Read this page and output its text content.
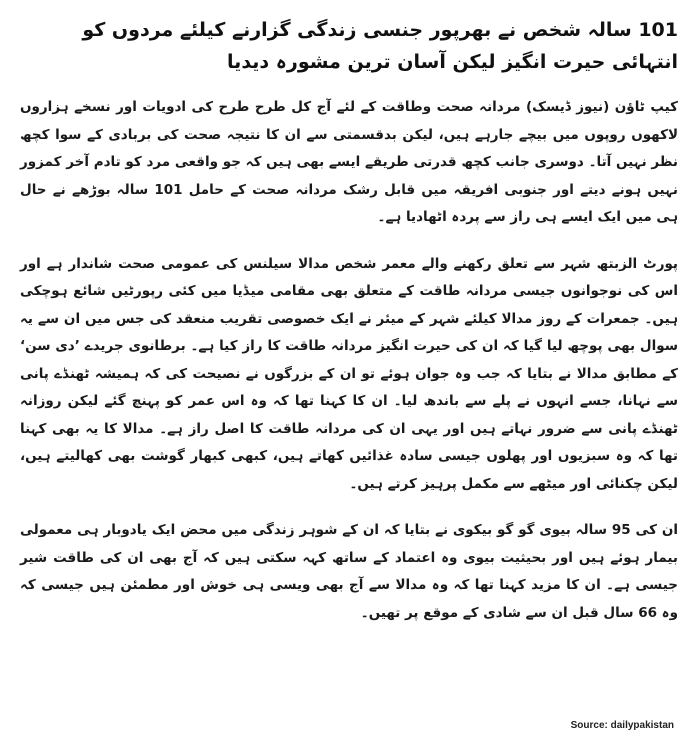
101 سالہ شخص نے بھرپور جنسی زندگی گزارنے کیلئے مردوں کو انتہائی حیرت انگیز لیکن آسان ترین مشورہ دیدیا

کیپ ٹاؤن (نیوز ڈیسک) مردانہ صحت وطاقت کے لئے آج کل طرح طرح کی ادویات اور نسخے ہزاروں لاکھوں روپوں میں بیچے جارہے ہیں، لیکن بدقسمتی سے ان کا نتیجہ صحت کی بربادی کے سوا کچھ نظر نہیں آتا۔ دوسری جانب کچھ قدرتی طریقے ایسے بھی ہیں کہ جو واقعی مرد کو تادم آخر کمزور نہیں ہونے دیتے اور جنوبی افریقہ میں قابل رشک مردانہ صحت کے حامل 101 سالہ بوڑھے نے حال ہی میں ایک ایسے ہی راز سے پردہ اٹھادیا ہے۔

پورٹ الزبتھ شہر سے تعلق رکھنے والے معمر شخص مدالا سیلنس کی عمومی صحت شاندار ہے اور اس کی نوجوانوں جیسی مردانہ طاقت کے متعلق بھی مقامی میڈیا میں کئی رپورٹیں شائع ہوچکی ہیں۔ جمعرات کے روز مدالا کیلئے شہر کے میئر نے ایک خصوصی تقریب منعقد کی جس میں ان سے یہ سوال بھی پوچھ لیا گیا کہ ان کی حیرت انگیز مردانہ طاقت کا راز کیا ہے۔ برطانوی جریدے ’دی سن‘ کے مطابق مدالا نے بتایا کہ جب وہ جوان ہوئے تو ان کے بزرگوں نے نصیحت کی کہ ہمیشہ ٹھنڈے پانی سے نہانا، جسے انہوں نے پلے سے باندھ لیا۔ ان کا کہنا تھا کہ وہ اس عمر کو پہنچ گئے لیکن روزانہ ٹھنڈے پانی سے ضرور نہاتے ہیں اور یہی ان کی مردانہ طاقت کا اصل راز ہے۔ مدالا کا یہ بھی کہنا تھا کہ وہ سبزیوں اور پھلوں جیسی سادہ غذائیں کھاتے ہیں، کبھی کبھار گوشت بھی کھالیتے ہیں، لیکن چکنائی اور میٹھے سے مکمل پرہیز کرتے ہیں۔

ان کی 95 سالہ بیوی گو گو بیکوی نے بتایا کہ ان کے شوہر زندگی میں محض ایک یادوبار ہی معمولی بیمار ہوئے ہیں اور بحیثیت بیوی وہ اعتماد کے ساتھ کہہ سکتی ہیں کہ آج بھی ان کی طاقت شیر جیسی ہے۔ ان کا مزید کہنا تھا کہ وہ مدالا سے آج بھی ویسی ہی خوش اور مطمئن ہیں جیسی کہ وہ 66 سال قبل ان سے شادی کے موقع پر تھیں۔

Source: dailypakistan
